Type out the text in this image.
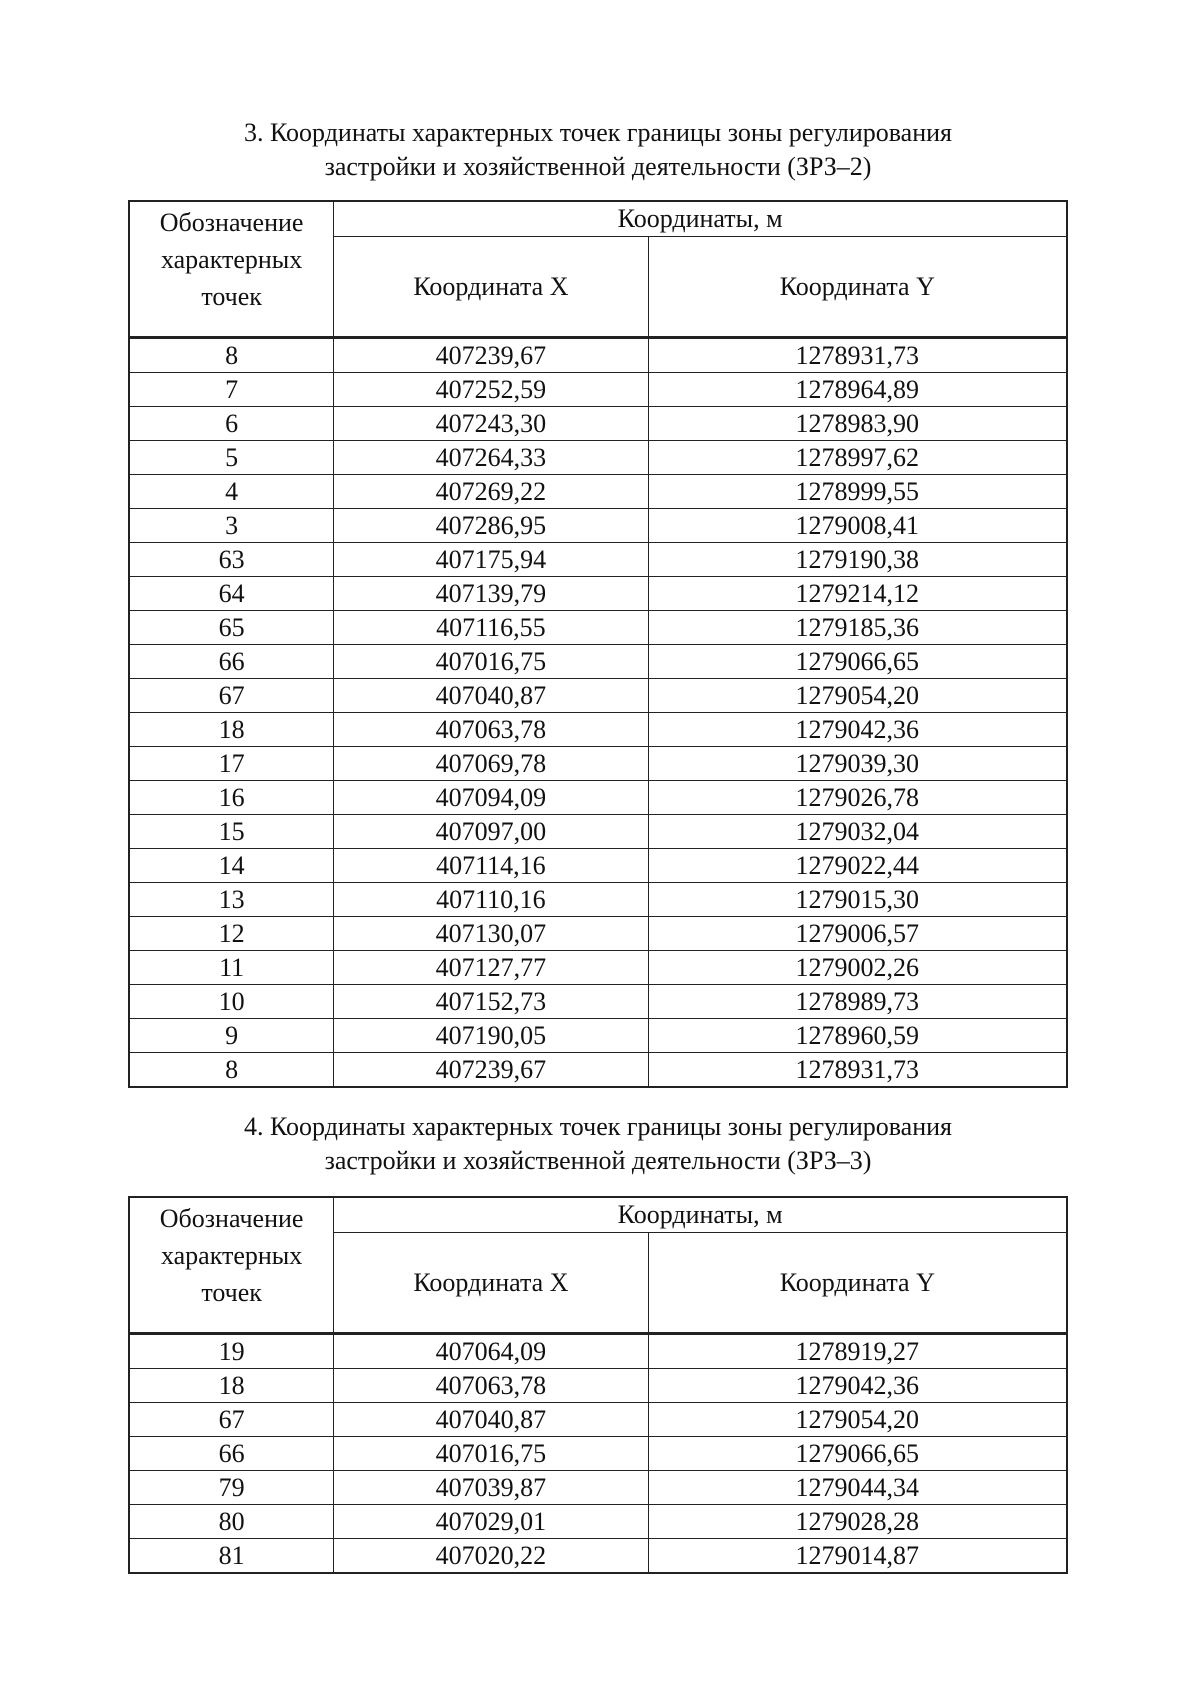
3. Координаты характерных точек границы зоны регулирования
застройки и хозяйственной деятельности (ЗРЗ–2)
Обозначение
характерных
точек	Координаты, м	
	Координата X	Координата Y
8	407239,67	1278931,73
7	407252,59	1278964,89
6	407243,30	1278983,90
5	407264,33	1278997,62
4	407269,22	1278999,55
3	407286,95	1279008,41
63	407175,94	1279190,38
64	407139,79	1279214,12
65	407116,55	1279185,36
66	407016,75	1279066,65
67	407040,87	1279054,20
18	407063,78	1279042,36
17	407069,78	1279039,30
16	407094,09	1279026,78
15	407097,00	1279032,04
14	407114,16	1279022,44
13	407110,16	1279015,30
12	407130,07	1279006,57
11	407127,77	1279002,26
10	407152,73	1278989,73
9	407190,05	1278960,59
8	407239,67	1278931,73
4. Координаты характерных точек границы зоны регулирования
застройки и хозяйственной деятельности (ЗРЗ–3)
Обозначение
характерных
точек	Координаты, м	
	Координата X	Координата Y
19	407064,09	1278919,27
18	407063,78	1279042,36
67	407040,87	1279054,20
66	407016,75	1279066,65
79	407039,87	1279044,34
80	407029,01	1279028,28
81	407020,22	1279014,87
